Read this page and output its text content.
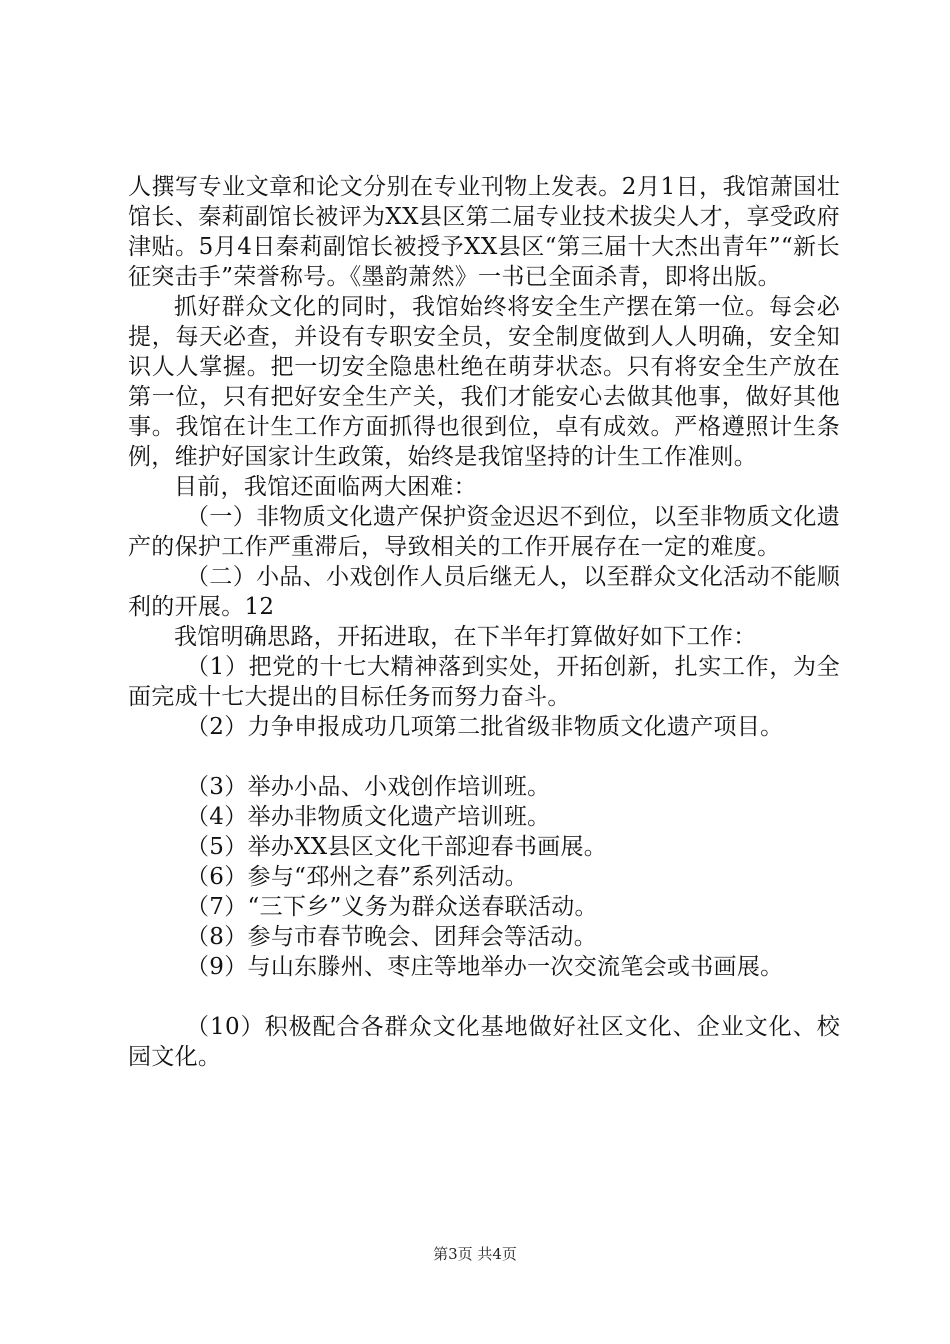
人撰写专业文章和论文分别在专业刊物上发表。2月1日，我馆萧国壮馆长、秦莉副馆长被评为XX县区第二届专业技术拔尖人才，享受政府津贴。5月4日秦莉副馆长被授予XX县区“第三届十大杰出青年”“新长征突击手”荣誉称号。《墨韵萧然》一书已全面杀青，即将出版。

抓好群众文化的同时，我馆始终将安全生产摆在第一位。每会必提，每天必查，并设有专职安全员，安全制度做到人人明确，安全知识人人掌握。把一切安全隐患杜绝在萌芽状态。只有将安全生产放在第一位，只有把好安全生产关，我们才能安心去做其他事，做好其他事。我馆在计生工作方面抓得也很到位，卓有成效。严格遵照计生条例，维护好国家计生政策，始终是我馆坚持的计生工作准则。

目前，我馆还面临两大困难：

（一）非物质文化遗产保护资金迟迟不到位，以至非物质文化遗产的保护工作严重滞后，导致相关的工作开展存在一定的难度。

（二）小品、小戏创作人员后继无人，以至群众文化活动不能顺利的开展。12

我馆明确思路，开拓进取，在下半年打算做好如下工作：

（1）把党的十七大精神落到实处，开拓创新，扎实工作，为全面完成十七大提出的目标任务而努力奋斗。

（2）力争申报成功几项第二批省级非物质文化遗产项目。

（3）举办小品、小戏创作培训班。

（4）举办非物质文化遗产培训班。

（5）举办XX县区文化干部迎春书画展。

（6）参与“邳州之春”系列活动。

（7）“三下乡”义务为群众送春联活动。

（8）参与市春节晚会、团拜会等活动。

（9）与山东滕州、枣庄等地举办一次交流笔会或书画展。

（10）积极配合各群众文化基地做好社区文化、企业文化、校园文化。

第3页 共4页
